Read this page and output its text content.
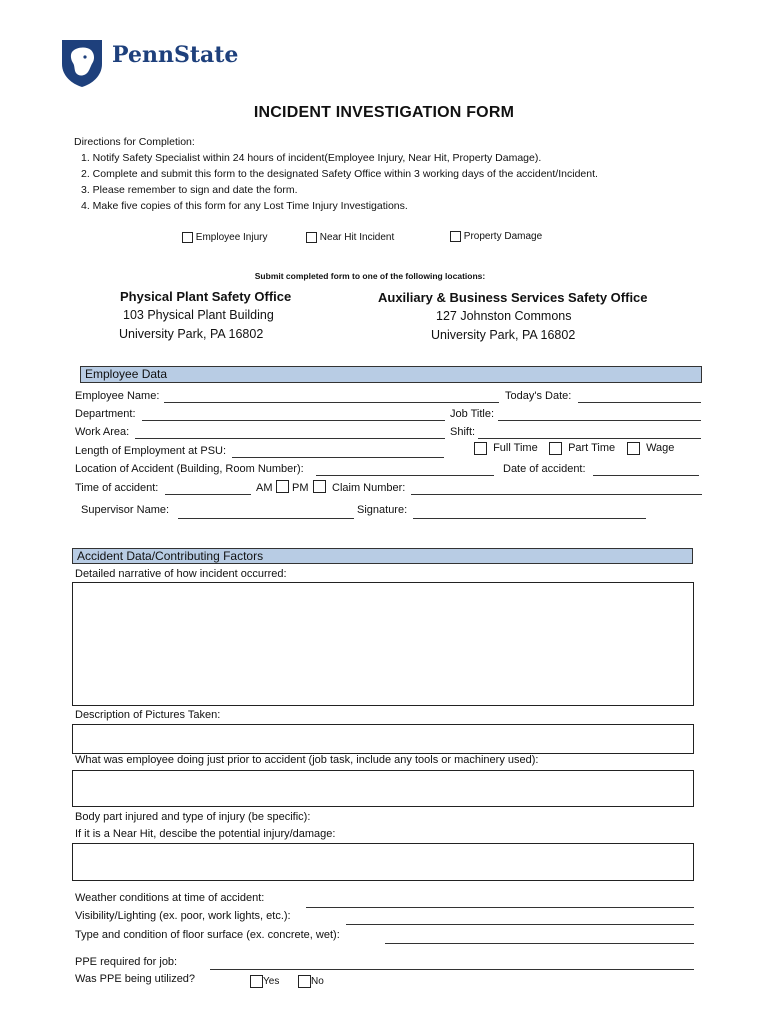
PennState
INCIDENT INVESTIGATION FORM
Directions for Completion:
1. Notify Safety Specialist within 24 hours of incident(Employee Injury, Near Hit, Property Damage).
2. Complete and submit this form to the designated Safety Office within 3 working days of the accident/Incident.
3. Please remember to sign and date the form.
4. Make five copies of this form for any Lost Time Injury Investigations.
Employee Injury	Near Hit Incident	Property Damage
Submit completed form to one of the following locations:
Physical Plant Safety Office
103 Physical Plant Building
University Park, PA 16802
Auxiliary & Business Services Safety Office
127 Johnston Commons
University Park, PA 16802
Employee Data
Employee Name:	Today's Date:
Department:	Job Title:
Work Area:	Shift:
Length of Employment at PSU:	Full Time	Part Time	Wage
Location of Accident (Building, Room Number):	Date of accident:
Time of accident:	AM PM Claim Number:
Supervisor Name:	Signature:
Accident Data/Contributing Factors
Detailed narrative of how incident occurred:
Description of Pictures Taken:
What was employee doing just prior to accident (job task, include any tools or machinery used):
Body part injured and type of injury (be specific):
If it is a Near Hit, descibe the potential injury/damage:
Weather conditions at time of accident:
Visibility/Lighting (ex. poor, work lights, etc.):
Type and condition of floor surface (ex. concrete, wet):
PPE required for job:
Was PPE being utilized?	Yes	No
